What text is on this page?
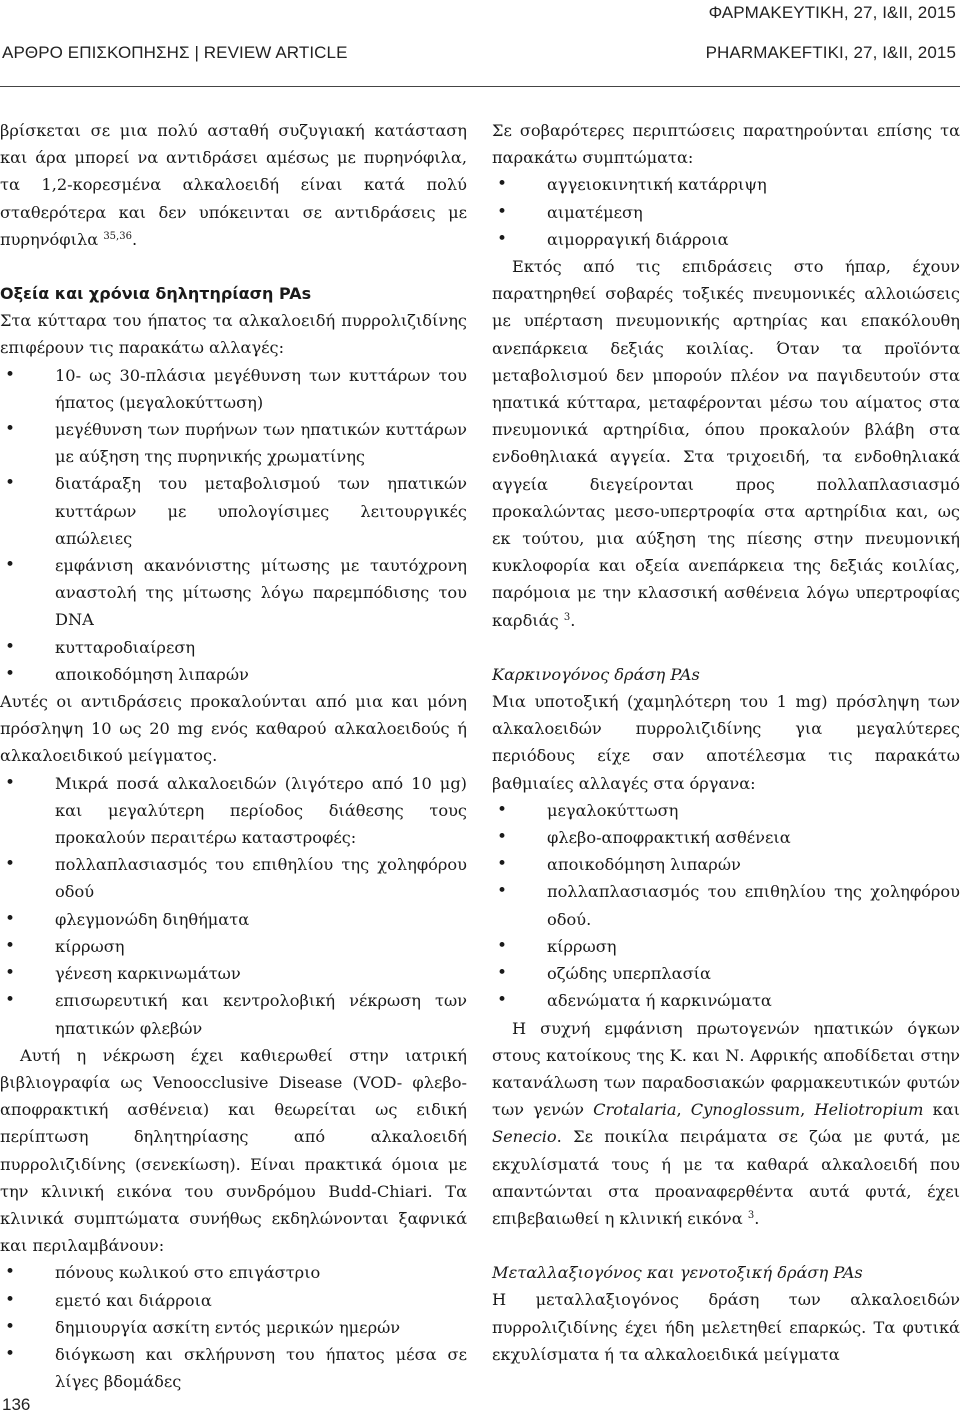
ΦΑΡΜΑΚΕΥΤΙΚΗ, 27, I&II, 2015
ΑΡΘΡΟ ΕΠΙΣΚΟΠΗΣΗΣ | REVIEW ARTICLE	PHARMAKEFTIKI, 27, I&II, 2015

βρίσκεται σε μια πολύ ασταθή συζυγιακή κατάσταση και άρα μπορεί να αντιδράσει αμέσως με πυρηνόφιλα, τα 1,2-κορεσμένα αλκαλοειδή είναι κατά πολύ σταθερότερα και δεν υπόκεινται σε αντιδράσεις με πυρηνόφιλα $^{35,36}$.

Οξεία και χρόνια δηλητηρίαση PAs

Στα κύτταρα του ήπατος τα αλκαλοειδή πυρρολιζιδίνης επιφέρουν τις παρακάτω αλλαγές:

• 10- ως 30-πλάσια μεγέθυνση των κυττάρων του ήπατος (μεγαλοκύττωση)
• μεγέθυνση των πυρήνων των ηπατικών κυττάρων με αύξηση της πυρηνικής χρωματίνης
• διατάραξη του μεταβολισμού των ηπατικών κυττάρων με υπολογίσιμες λειτουργικές απώλειες
• εμφάνιση ακανόνιστης μίτωσης με ταυτόχρονη αναστολή της μίτωσης λόγω παρεμπόδισης του DNA
• κυτταροδιαίρεση
• αποικοδόμηση λιπαρών

Αυτές οι αντιδράσεις προκαλούνται από μια και μόνη πρόσληψη 10 ως 20 mg ενός καθαρού αλκαλοειδούς ή αλκαλοειδικού μείγματος.

• Μικρά ποσά αλκαλοειδών (λιγότερο από 10 μg) και μεγαλύτερη περίοδος διάθεσης τους προκαλούν περαιτέρω καταστροφές:
• πολλαπλασιασμός του επιθηλίου της χοληφόρου οδού
• φλεγμονώδη διηθήματα
• κίρρωση
• γένεση καρκινωμάτων
• επισωρευτική και κεντρολοβική νέκρωση των ηπατικών φλεβών

Αυτή η νέκρωση έχει καθιερωθεί στην ιατρική βιβλιογραφία ως Venoocclusive Disease (VOD- φλεβο-αποφρακτική ασθένεια) και θεωρείται ως ειδική περίπτωση δηλητηρίασης από αλκαλοειδή πυρρολιζιδίνης (σενεκίωση). Είναι πρακτικά όμοια με την κλινική εικόνα του συνδρόμου Budd-Chiari. Τα κλινικά συμπτώματα συνήθως εκδηλώνονται ξαφνικά και περιλαμβάνουν:

• πόνους κωλικού στο επιγάστριο
• εμετό και διάρροια
• δημιουργία ασκίτη εντός μερικών ημερών
• διόγκωση και σκλήρυνση του ήπατος μέσα σε λίγες βδομάδες

Σε σοβαρότερες περιπτώσεις παρατηρούνται επίσης τα παρακάτω συμπτώματα:

• αγγειοκινητική κατάρριψη
• αιματέμεση
• αιμορραγική διάρροια

Εκτός από τις επιδράσεις στο ήπαρ, έχουν παρατηρηθεί σοβαρές τοξικές πνευμονικές αλλοιώσεις με υπέρταση πνευμονικής αρτηρίας και επακόλουθη ανεπάρκεια δεξιάς κοιλίας. Όταν τα προϊόντα μεταβολισμού δεν μπορούν πλέον να παγιδευτούν στα ηπατικά κύτταρα, μεταφέρονται μέσω του αίματος στα πνευμονικά αρτηρίδια, όπου προκαλούν βλάβη στα ενδοθηλιακά αγγεία. Στα τριχοειδή, τα ενδοθηλιακά αγγεία διεγείρονται προς πολλαπλασιασμό προκαλώντας μεσο-υπερτροφία στα αρτηρίδια και, ως εκ τούτου, μια αύξηση της πίεσης στην πνευμονική κυκλοφορία και οξεία ανεπάρκεια της δεξιάς κοιλίας, παρόμοια με την κλασσική ασθένεια λόγω υπερτροφίας καρδιάς $^3$.

Καρκινογόνος δράση PAs

Μια υποτοξική (χαμηλότερη του 1 mg) πρόσληψη των αλκαλοειδών πυρρολιζιδίνης για μεγαλύτερες περιόδους είχε σαν αποτέλεσμα τις παρακάτω βαθμιαίες αλλαγές στα όργανα:

• μεγαλοκύττωση
• φλεβο-αποφρακτική ασθένεια
• αποικοδόμηση λιπαρών
• πολλαπλασιασμός του επιθηλίου της χοληφόρου οδού.
• κίρρωση
• οζώδης υπερπλασία
• αδενώματα ή καρκινώματα

Η συχνή εμφάνιση πρωτογενών ηπατικών όγκων στους κατοίκους της Κ. και Ν. Αφρικής αποδίδεται στην κατανάλωση των παραδοσιακών φαρμακευτικών φυτών των γενών Crotalaria, Cynoglossum, Heliotropium και Senecio. Σε ποικίλα πειράματα σε ζώα με φυτά, με εκχυλίσματά τους ή με τα καθαρά αλκαλοειδή που απαντώνται στα προαναφερθέντα αυτά φυτά, έχει επιβεβαιωθεί η κλινική εικόνα $^3$.

Μεταλλαξιογόνος και γενοτοξική δράση PAs

Η μεταλλαξιογόνος δράση των αλκαλοειδών πυρρολιζιδίνης έχει ήδη μελετηθεί επαρκώς. Τα φυτικά εκχυλίσματα ή τα αλκαλοειδικά μείγματα

136
